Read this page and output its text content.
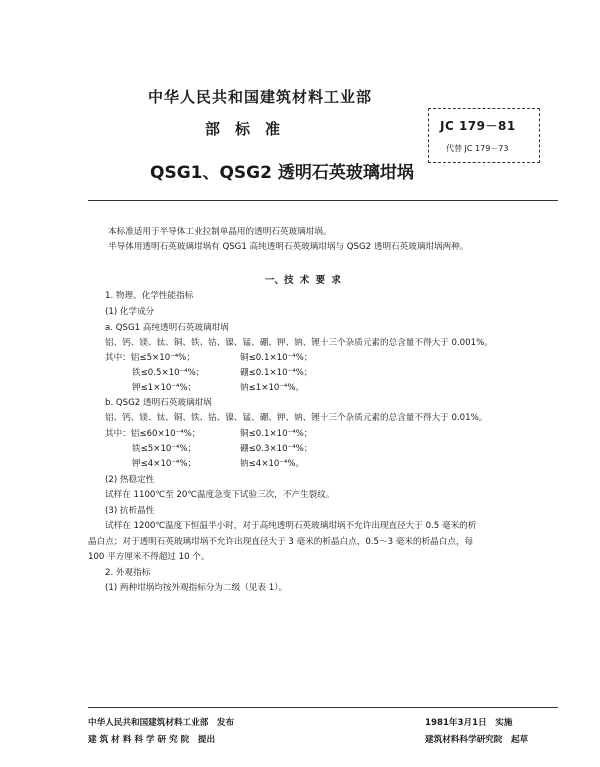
中华人民共和国建筑材料工业部
部　标　准
QSG1、QSG2 透明石英玻璃坩埚
JC 179－81
代替 JC 179－73
本标准适用于半导体工业拉制单晶用的透明石英玻璃坩埚。
半导体用透明石英玻璃坩埚有 QSG1 高纯透明石英玻璃坩埚与 QSG2 透明石英玻璃坩埚两种。
一、技 术 要 求
1. 物理、化学性能指标
(1) 化学成分
a. QSG1 高纯透明石英玻璃坩埚
铝、钙、镁、钛、铜、铁、钴、镍、锰、硼、钾、钠、锂十三个杂质元素的总含量不得大于 0.001%。
其中：铝≤5×10⁻⁴%；	铜≤0.1×10⁻⁴%；
铁≤0.5×10⁻⁴%；	硼≤0.1×10⁻⁴%；
钾≤1×10⁻⁴%；	钠≤1×10⁻⁴%。
b. QSG2 透明石英玻璃坩埚
铝、钙、镁、钛、铜、铁、钴、镍、锰、硼、钾、钠、锂十三个杂质元素的总含量不得大于 0.01%。
其中：铝≤60×10⁻⁴%；	铜≤0.1×10⁻⁴%；
铁≤5×10⁻⁴%；	硼≤0.3×10⁻⁴%；
钾≤4×10⁻⁴%；	钠≤4×10⁻⁴%。
(2) 热稳定性
试样在 1100℃至 20℃温度急变下试验三次，不产生裂纹。
(3) 抗析晶性
试样在 1200℃温度下恒温半小时，对于高纯透明石英玻璃坩埚不允许出现直径大于 0.5 毫米的析
晶白点；对于透明石英玻璃坩埚不允许出现直径大于 3 毫米的析晶白点，0.5～3 毫米的析晶白点，每
100 平方厘米不得超过 10 个。
2. 外观指标
(1) 两种坩埚均按外观指标分为二级（见表 1）。
中华人民共和国建筑材料工业部　发布
建 筑 材 料 科 学 研 究 院　提出
1981年3月1日　实施
建筑材料科学研究院　起草
